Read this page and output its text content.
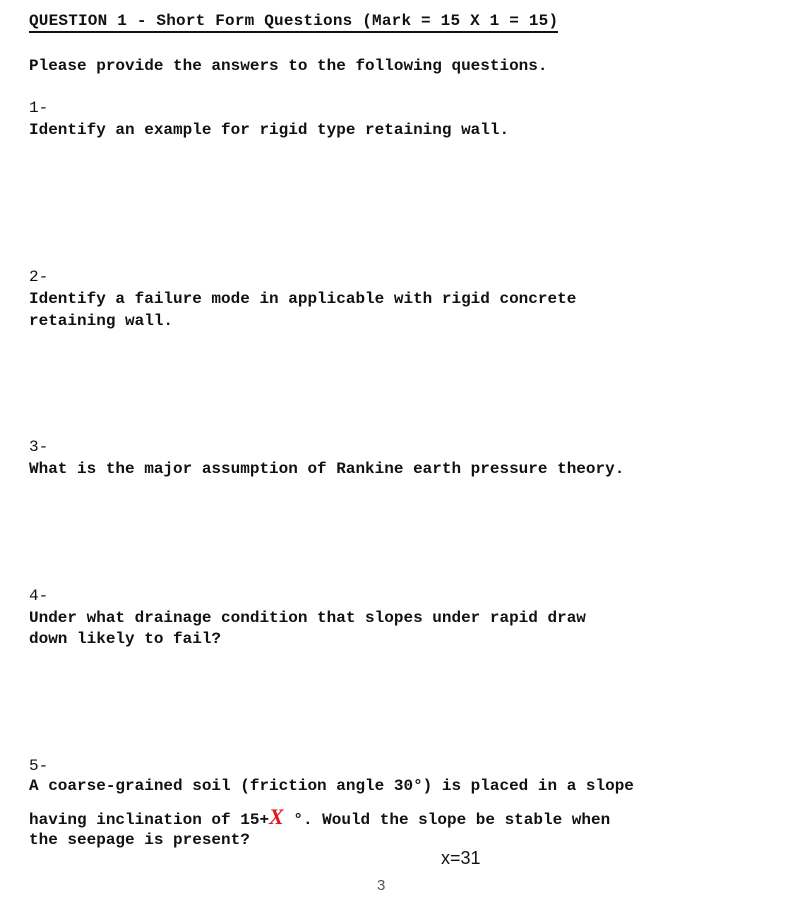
QUESTION 1 - Short Form Questions (Mark = 15 X 1 = 15)
Please provide the answers to the following questions.
1-
Identify an example for rigid type retaining wall.
2-
Identify a failure mode in applicable with rigid concrete
retaining wall.
3-
What is the major assumption of Rankine earth pressure theory.
4-
Under what drainage condition that slopes under rapid draw
down likely to fail?
5-
A coarse-grained soil (friction angle 30°) is placed in a slope
having inclination of 15+X °. Would the slope be stable when
the seepage is present?
x=31
3
